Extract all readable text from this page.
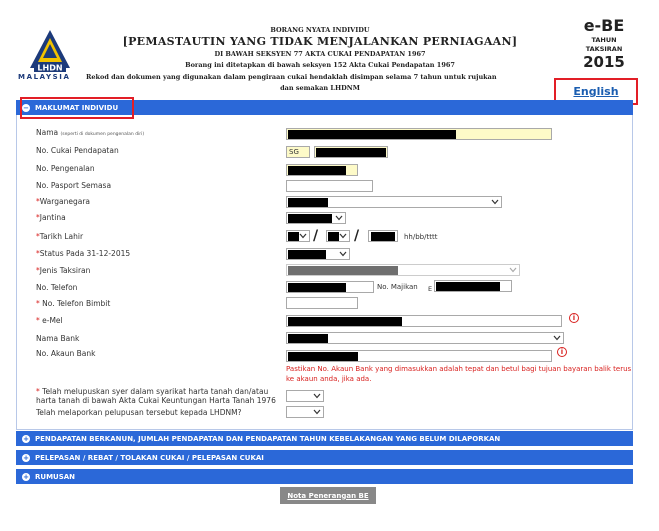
LHDN
MALAYSIA
BORANG NYATA INDIVIDU
[PEMASTAUTIN YANG TIDAK MENJALANKAN PERNIAGAAN]
DI BAWAH SEKSYEN 77 AKTA CUKAI PENDAPATAN 1967
Borang ini ditetapkan di bawah seksyen 152 Akta Cukai Pendapatan 1967
Rekod dan dokumen yang digunakan dalam pengiraan cukai hendaklah disimpan selama 7 tahun untuk rujukan
dan semakan LHDNM
e-BE
TAHUN
TAKSIRAN
2015
English
− MAKLUMAT INDIVIDU
Nama (seperti di dokumen pengenalan diri)
No. Cukai Pendapatan	SG
No. Pengenalan
No. Pasport Semasa
*Warganegara
*Jantina
*Tarikh Lahir	/	/	hh/bb/tttt
*Status Pada 31-12-2015
*Jenis Taksiran
No. Telefon	No. Majikan E
* No. Telefon Bimbit
* e-Mel	i
Nama Bank
No. Akaun Bank	i
Pastikan No. Akaun Bank yang dimasukkan adalah tepat dan betul bagi tujuan bayaran balik terus ke akaun anda, jika ada.
* Telah melupuskan syer dalam syarikat harta tanah dan/atau
harta tanah di bawah Akta Cukai Keuntungan Harta Tanah 1976
Telah melaporkan pelupusan tersebut kepada LHDNM?
+ PENDAPATAN BERKANUN, JUMLAH PENDAPATAN DAN PENDAPATAN TAHUN KEBELAKANGAN YANG BELUM DILAPORKAN
+ PELEPASAN / REBAT / TOLAKAN CUKAI / PELEPASAN CUKAI
+ RUMUSAN
Nota Penerangan BE
